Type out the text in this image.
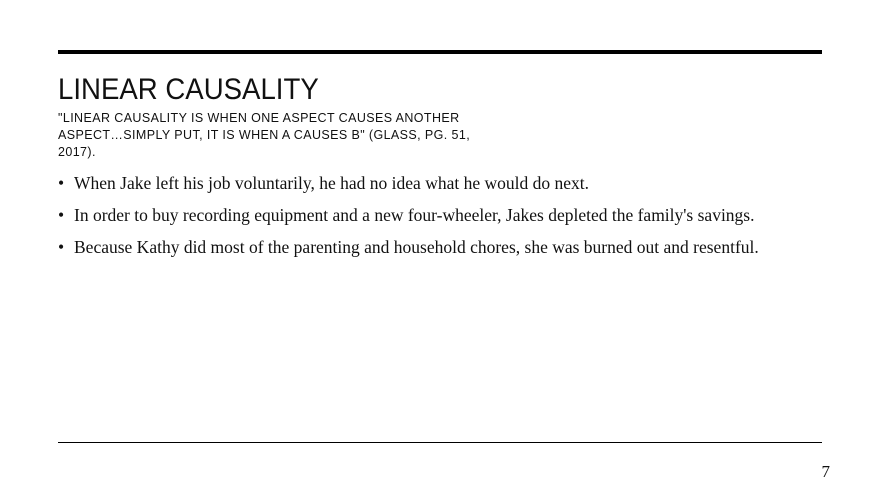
LINEAR CAUSALITY

"LINEAR CAUSALITY IS WHEN ONE ASPECT CAUSES ANOTHER ASPECT…SIMPLY PUT, IT IS WHEN A CAUSES B" (GLASS, PG. 51, 2017).

• When Jake left his job voluntarily, he had no idea what he would do next.
• In order to buy recording equipment and a new four-wheeler, Jakes depleted the family's savings.
• Because Kathy did most of the parenting and household chores, she was burned out and resentful.
7
